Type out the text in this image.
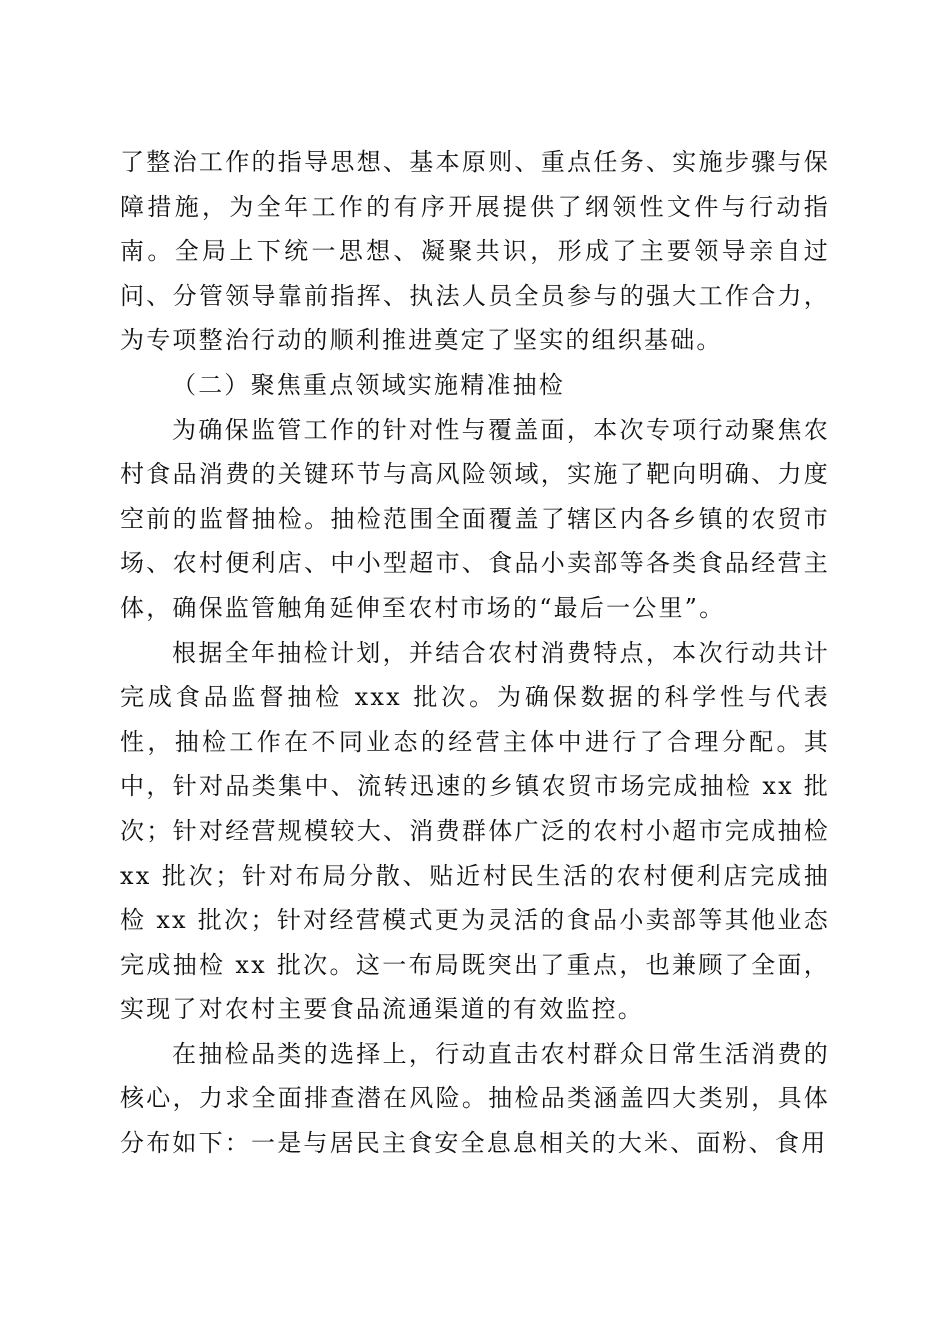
了整治工作的指导思想、基本原则、重点任务、实施步骤与保障措施，为全年工作的有序开展提供了纲领性文件与行动指南。全局上下统一思想、凝聚共识，形成了主要领导亲自过问、分管领导靠前指挥、执法人员全员参与的强大工作合力，为专项整治行动的顺利推进奠定了坚实的组织基础。

（二）聚焦重点领域实施精准抽检

为确保监管工作的针对性与覆盖面，本次专项行动聚焦农村食品消费的关键环节与高风险领域，实施了靶向明确、力度空前的监督抽检。抽检范围全面覆盖了辖区内各乡镇的农贸市场、农村便利店、中小型超市、食品小卖部等各类食品经营主体，确保监管触角延伸至农村市场的“最后一公里”。

根据全年抽检计划，并结合农村消费特点，本次行动共计完成食品监督抽检 xxx 批次。为确保数据的科学性与代表性，抽检工作在不同业态的经营主体中进行了合理分配。其中，针对品类集中、流转迅速的乡镇农贸市场完成抽检 xx 批次；针对经营规模较大、消费群体广泛的农村小超市完成抽检 xx 批次；针对布局分散、贴近村民生活的农村便利店完成抽检 xx 批次；针对经营模式更为灵活的食品小卖部等其他业态完成抽检 xx 批次。这一布局既突出了重点，也兼顾了全面，实现了对农村主要食品流通渠道的有效监控。

在抽检品类的选择上，行动直击农村群众日常生活消费的核心，力求全面排查潜在风险。抽检品类涵盖四大类别，具体分布如下：一是与居民主食安全息息相关的大米、面粉、食用
